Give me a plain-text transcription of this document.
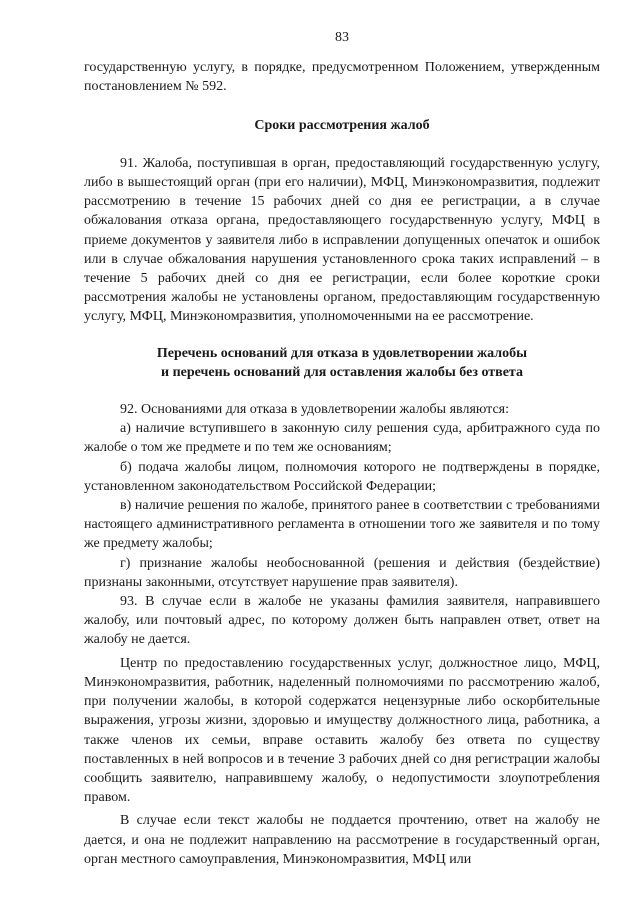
83

государственную услугу, в порядке, предусмотренном Положением, утвержденным постановлением № 592.

Сроки рассмотрения жалоб

91. Жалоба, поступившая в орган, предоставляющий государственную услугу, либо в вышестоящий орган (при его наличии), МФЦ, Минэкономразвития, подлежит рассмотрению в течение 15 рабочих дней со дня ее регистрации, а в случае обжалования отказа органа, предоставляющего государственную услугу, МФЦ в приеме документов у заявителя либо в исправлении допущенных опечаток и ошибок или в случае обжалования нарушения установленного срока таких исправлений – в течение 5 рабочих дней со дня ее регистрации, если более короткие сроки рассмотрения жалобы не установлены органом, предоставляющим государственную услугу, МФЦ, Минэкономразвития, уполномоченными на ее рассмотрение.

Перечень оснований для отказа в удовлетворении жалобы
и перечень оснований для оставления жалобы без ответа

92. Основаниями для отказа в удовлетворении жалобы являются:

а) наличие вступившего в законную силу решения суда, арбитражного суда по жалобе о том же предмете и по тем же основаниям;

б) подача жалобы лицом, полномочия которого не подтверждены в порядке, установленном законодательством Российской Федерации;

в) наличие решения по жалобе, принятого ранее в соответствии с требованиями настоящего административного регламента в отношении того же заявителя и по тому же предмету жалобы;

г) признание жалобы необоснованной (решения и действия (бездействие) признаны законными, отсутствует нарушение прав заявителя).

93. В случае если в жалобе не указаны фамилия заявителя, направившего жалобу, или почтовый адрес, по которому должен быть направлен ответ, ответ на жалобу не дается.

Центр по предоставлению государственных услуг, должностное лицо, МФЦ, Минэкономразвития, работник, наделенный полномочиями по рассмотрению жалоб, при получении жалобы, в которой содержатся нецензурные либо оскорбительные выражения, угрозы жизни, здоровью и имуществу должностного лица, работника, а также членов их семьи, вправе оставить жалобу без ответа по существу поставленных в ней вопросов и в течение 3 рабочих дней со дня регистрации жалобы сообщить заявителю, направившему жалобу, о недопустимости злоупотребления правом.

В случае если текст жалобы не поддается прочтению, ответ на жалобу не дается, и она не подлежит направлению на рассмотрение в государственный орган, орган местного самоуправления, Минэкономразвития, МФЦ или
